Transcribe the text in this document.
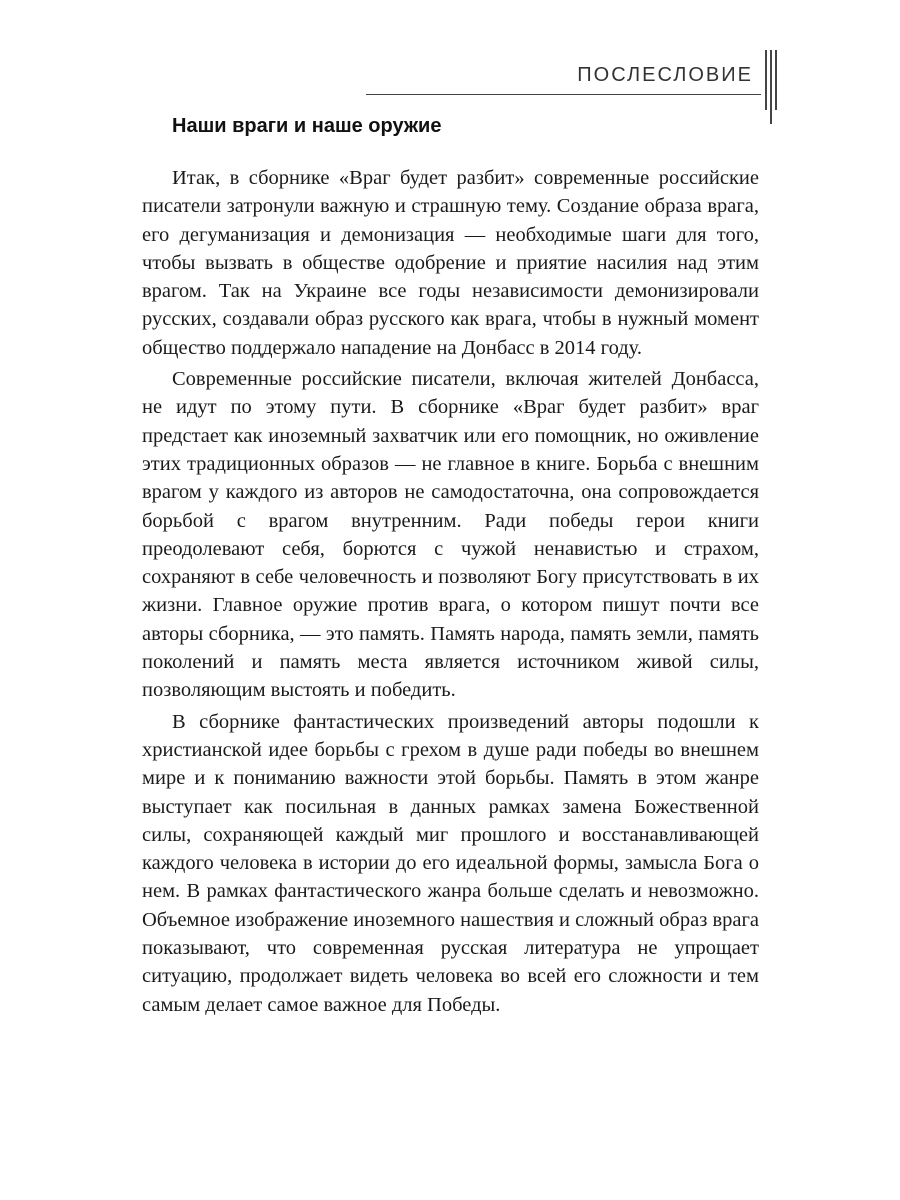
ПОСЛЕСЛОВИЕ
Наши враги и наше оружие

Итак, в сборнике «Враг будет разбит» современные российские писатели затронули важную и страшную тему. Создание образа врага, его дегуманизация и демонизация — необходимые шаги для того, чтобы вызвать в обществе одобрение и приятие насилия над этим врагом. Так на Украине все годы независимости демонизировали русских, создавали образ русского как врага, чтобы в нужный момент общество поддержало нападение на Донбасс в 2014 году.

Современные российские писатели, включая жителей Донбасса, не идут по этому пути. В сборнике «Враг будет разбит» враг предстает как иноземный захватчик или его помощник, но оживление этих традиционных образов — не главное в книге. Борьба с внешним врагом у каждого из авторов не самодостаточна, она сопровождается борьбой с врагом внутренним. Ради победы герои книги преодолевают себя, борются с чужой ненавистью и страхом, сохраняют в себе человечность и позволяют Богу присутствовать в их жизни. Главное оружие против врага, о котором пишут почти все авторы сборника, — это память. Память народа, память земли, память поколений и память места является источником живой силы, позволяющим выстоять и победить.

В сборнике фантастических произведений авторы подошли к христианской идее борьбы с грехом в душе ради победы во внешнем мире и к пониманию важности этой борьбы. Память в этом жанре выступает как посильная в данных рамках замена Божественной силы, сохраняющей каждый миг прошлого и восстанавливающей каждого человека в истории до его идеальной формы, замысла Бога о нем. В рамках фантастического жанра больше сделать и невозможно. Объемное изображение иноземного нашествия и сложный образ врага показывают, что современная русская литература не упрощает ситуацию, продолжает видеть человека во всей его сложности и тем самым делает самое важное для Победы.
